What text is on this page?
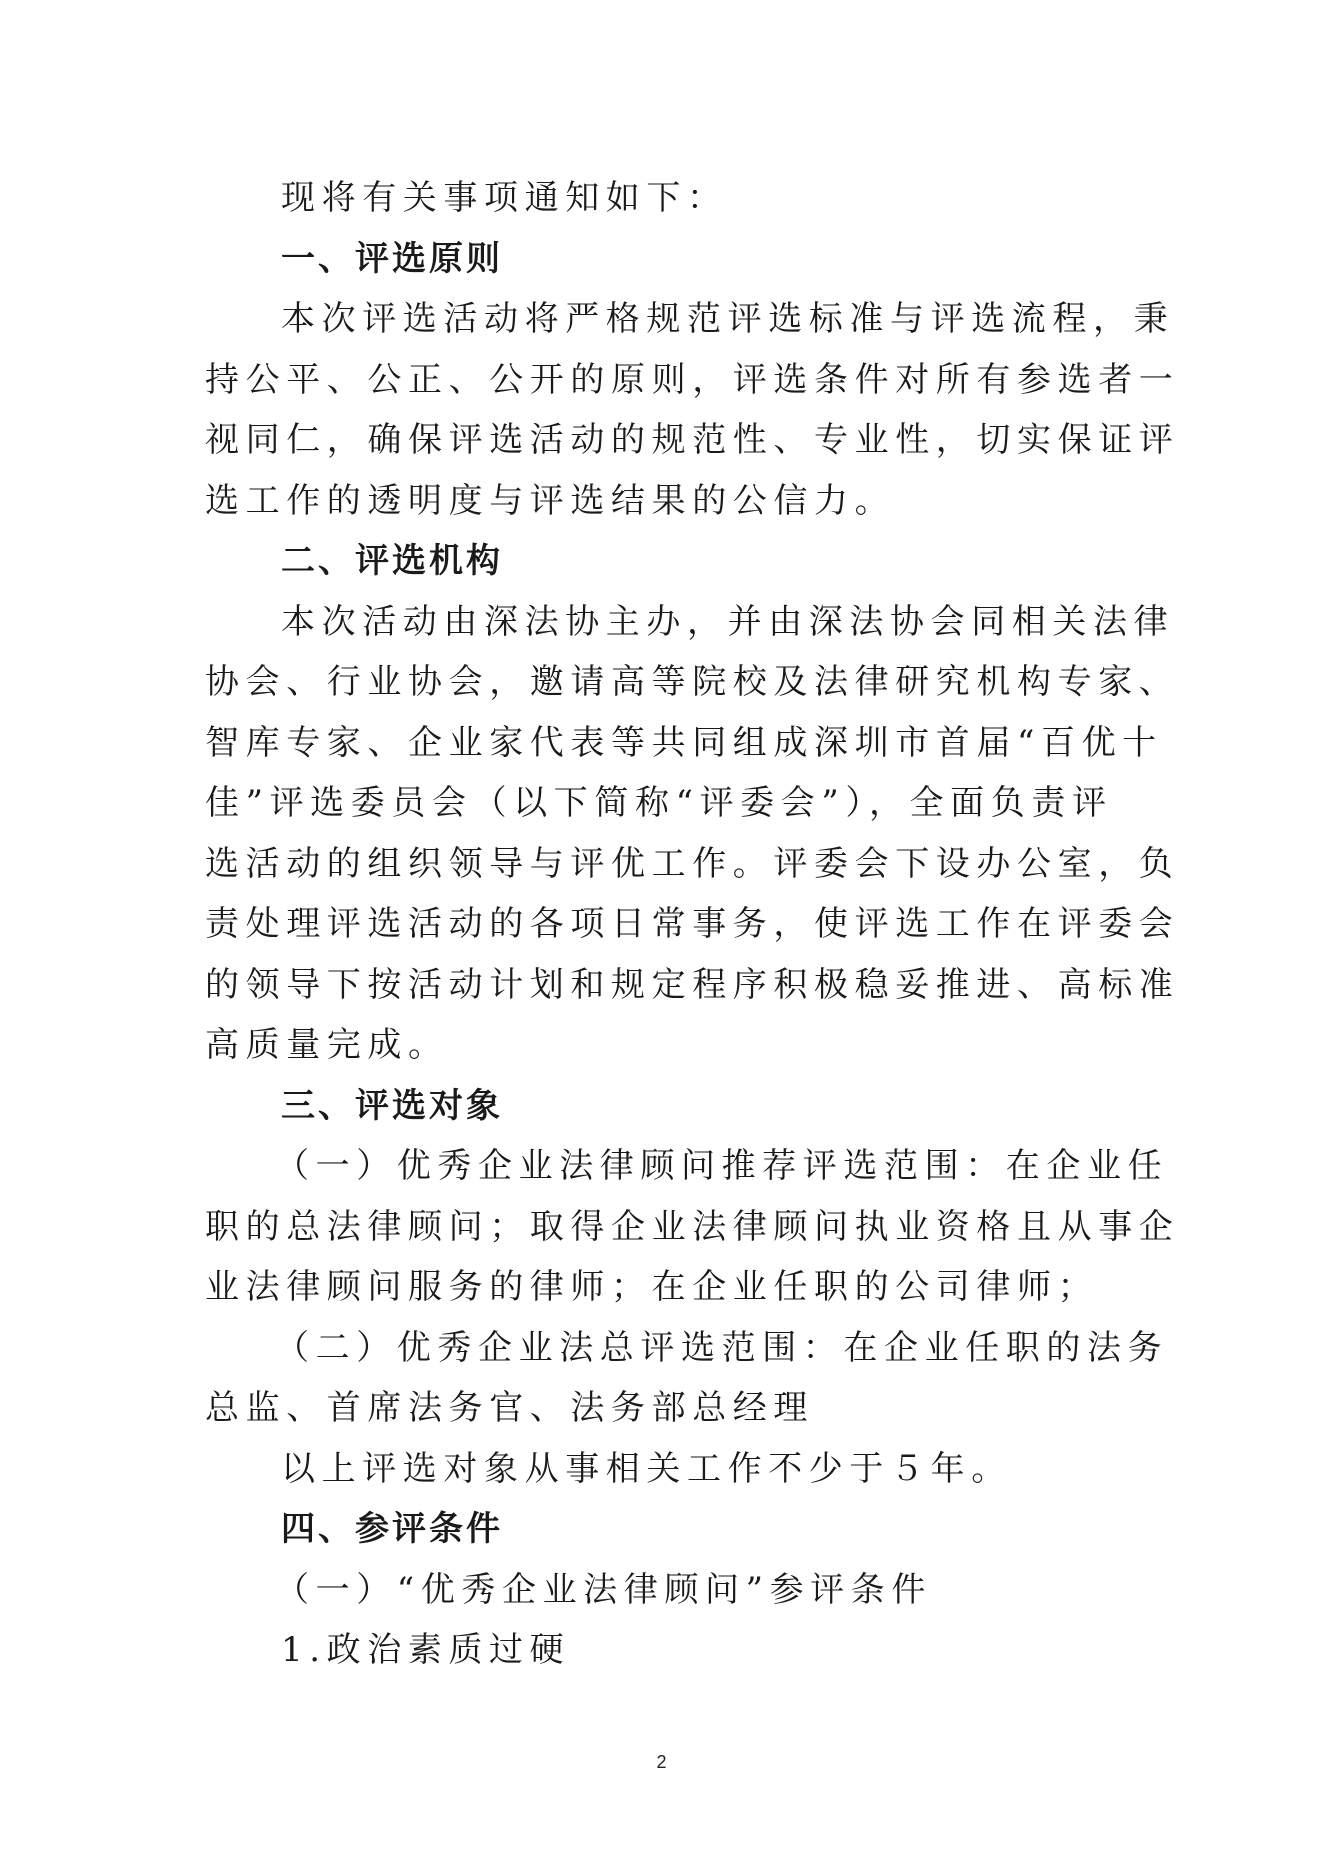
现将有关事项通知如下：
一、评选原则
本次评选活动将严格规范评选标准与评选流程，秉
持公平、公正、公开的原则，评选条件对所有参选者一
视同仁，确保评选活动的规范性、专业性，切实保证评
选工作的透明度与评选结果的公信力。
二、评选机构
本次活动由深法协主办，并由深法协会同相关法律
协会、行业协会，邀请高等院校及法律研究机构专家、
智库专家、企业家代表等共同组成深圳市首届“百优十
佳”评选委员会（以下简称“评委会”），全面负责评
选活动的组织领导与评优工作。评委会下设办公室，负
责处理评选活动的各项日常事务，使评选工作在评委会
的领导下按活动计划和规定程序积极稳妥推进、高标准
高质量完成。
三、评选对象
（一）优秀企业法律顾问推荐评选范围：在企业任
职的总法律顾问；取得企业法律顾问执业资格且从事企
业法律顾问服务的律师；在企业任职的公司律师；
（二）优秀企业法总评选范围：在企业任职的法务
总监、首席法务官、法务部总经理
以上评选对象从事相关工作不少于５年。
四、参评条件
（一）“优秀企业法律顾问”参评条件
1.政治素质过硬
2
